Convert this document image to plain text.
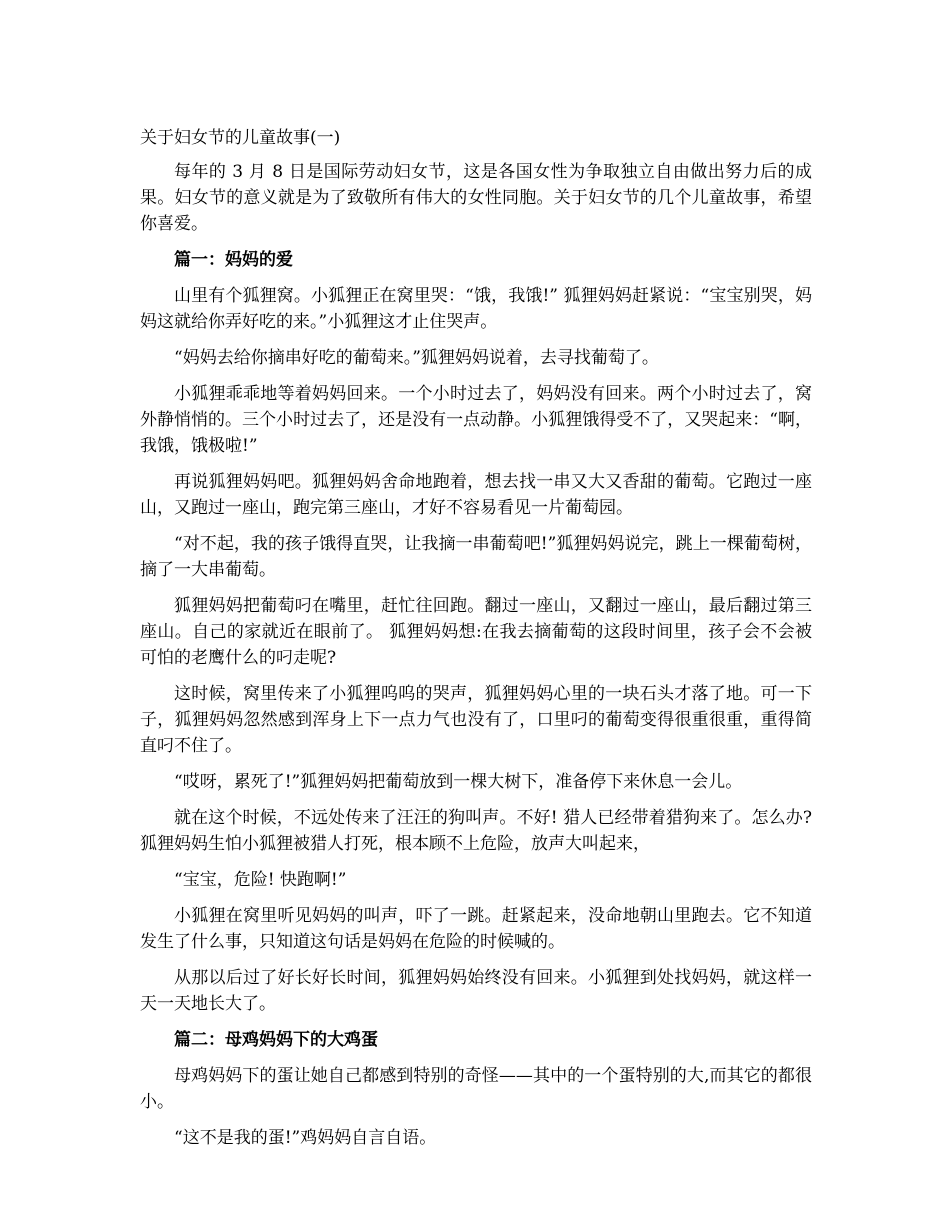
关于妇女节的儿童故事(一)

每年的 3 月 8 日是国际劳动妇女节，这是各国女性为争取独立自由做出努力后的成果。妇女节的意义就是为了致敬所有伟大的女性同胞。关于妇女节的几个儿童故事，希望你喜爱。

篇一：妈妈的爱

山里有个狐狸窝。小狐狸正在窝里哭：“饿，我饿!” 狐狸妈妈赶紧说：“宝宝别哭，妈妈这就给你弄好吃的来。”小狐狸这才止住哭声。

“妈妈去给你摘串好吃的葡萄来。”狐狸妈妈说着，去寻找葡萄了。

小狐狸乖乖地等着妈妈回来。一个小时过去了，妈妈没有回来。两个小时过去了，窝外静悄悄的。三个小时过去了，还是没有一点动静。小狐狸饿得受不了，又哭起来：“啊，我饿，饿极啦!”

再说狐狸妈妈吧。狐狸妈妈舍命地跑着，想去找一串又大又香甜的葡萄。它跑过一座山，又跑过一座山，跑完第三座山，才好不容易看见一片葡萄园。

“对不起，我的孩子饿得直哭，让我摘一串葡萄吧!”狐狸妈妈说完，跳上一棵葡萄树，摘了一大串葡萄。

狐狸妈妈把葡萄叼在嘴里，赶忙往回跑。翻过一座山，又翻过一座山，最后翻过第三座山。自己的家就近在眼前了。 狐狸妈妈想:在我去摘葡萄的这段时间里，孩子会不会被可怕的老鹰什么的叼走呢?

这时候，窝里传来了小狐狸呜呜的哭声，狐狸妈妈心里的一块石头才落了地。可一下子，狐狸妈妈忽然感到浑身上下一点力气也没有了，口里叼的葡萄变得很重很重，重得简直叼不住了。

“哎呀，累死了!”狐狸妈妈把葡萄放到一棵大树下，准备停下来休息一会儿。

就在这个时候，不远处传来了汪汪的狗叫声。不好! 猎人已经带着猎狗来了。怎么办? 狐狸妈妈生怕小狐狸被猎人打死，根本顾不上危险，放声大叫起来，

“宝宝，危险! 快跑啊!”

小狐狸在窝里听见妈妈的叫声，吓了一跳。赶紧起来，没命地朝山里跑去。它不知道发生了什么事，只知道这句话是妈妈在危险的时候喊的。

从那以后过了好长好长时间，狐狸妈妈始终没有回来。小狐狸到处找妈妈，就这样一天一天地长大了。

篇二：母鸡妈妈下的大鸡蛋

母鸡妈妈下的蛋让她自己都感到特别的奇怪——其中的一个蛋特别的大,而其它的都很小。

“这不是我的蛋!”鸡妈妈自言自语。
